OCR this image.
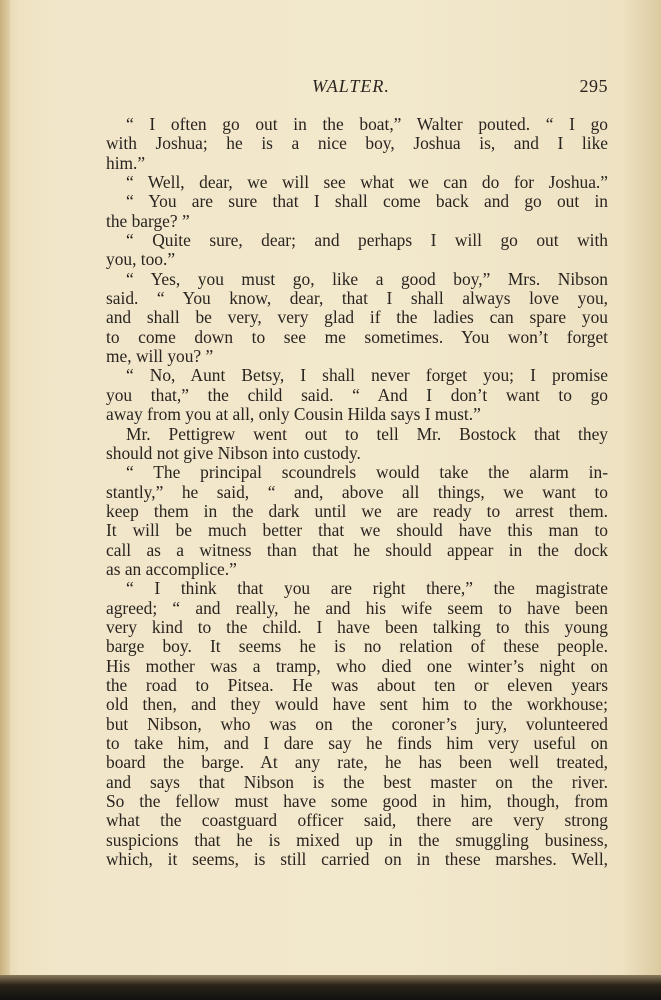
WALTER.	295
“ I often go out in the boat,” Walter pouted. “ I go
with Joshua; he is a nice boy, Joshua is, and I like
him.”
“ Well, dear, we will see what we can do for Joshua.”
“ You are sure that I shall come back and go out in
the barge? ”
“ Quite sure, dear; and perhaps I will go out with
you, too.”
“ Yes, you must go, like a good boy,” Mrs. Nibson
said. “ You know, dear, that I shall always love you,
and shall be very, very glad if the ladies can spare you
to come down to see me sometimes. You won’t forget
me, will you? ”
“ No, Aunt Betsy, I shall never forget you; I promise
you that,” the child said. “ And I don’t want to go
away from you at all, only Cousin Hilda says I must.”
Mr. Pettigrew went out to tell Mr. Bostock that they
should not give Nibson into custody.
“ The principal scoundrels would take the alarm in-
stantly,” he said, “ and, above all things, we want to
keep them in the dark until we are ready to arrest them.
It will be much better that we should have this man to
call as a witness than that he should appear in the dock
as an accomplice.”
“ I think that you are right there,” the magistrate
agreed; “ and really, he and his wife seem to have been
very kind to the child. I have been talking to this young
barge boy. It seems he is no relation of these people.
His mother was a tramp, who died one winter’s night on
the road to Pitsea. He was about ten or eleven years
old then, and they would have sent him to the workhouse;
but Nibson, who was on the coroner’s jury, volunteered
to take him, and I dare say he finds him very useful on
board the barge. At any rate, he has been well treated,
and says that Nibson is the best master on the river.
So the fellow must have some good in him, though, from
what the coastguard officer said, there are very strong
suspicions that he is mixed up in the smuggling business,
which, it seems, is still carried on in these marshes. Well,
